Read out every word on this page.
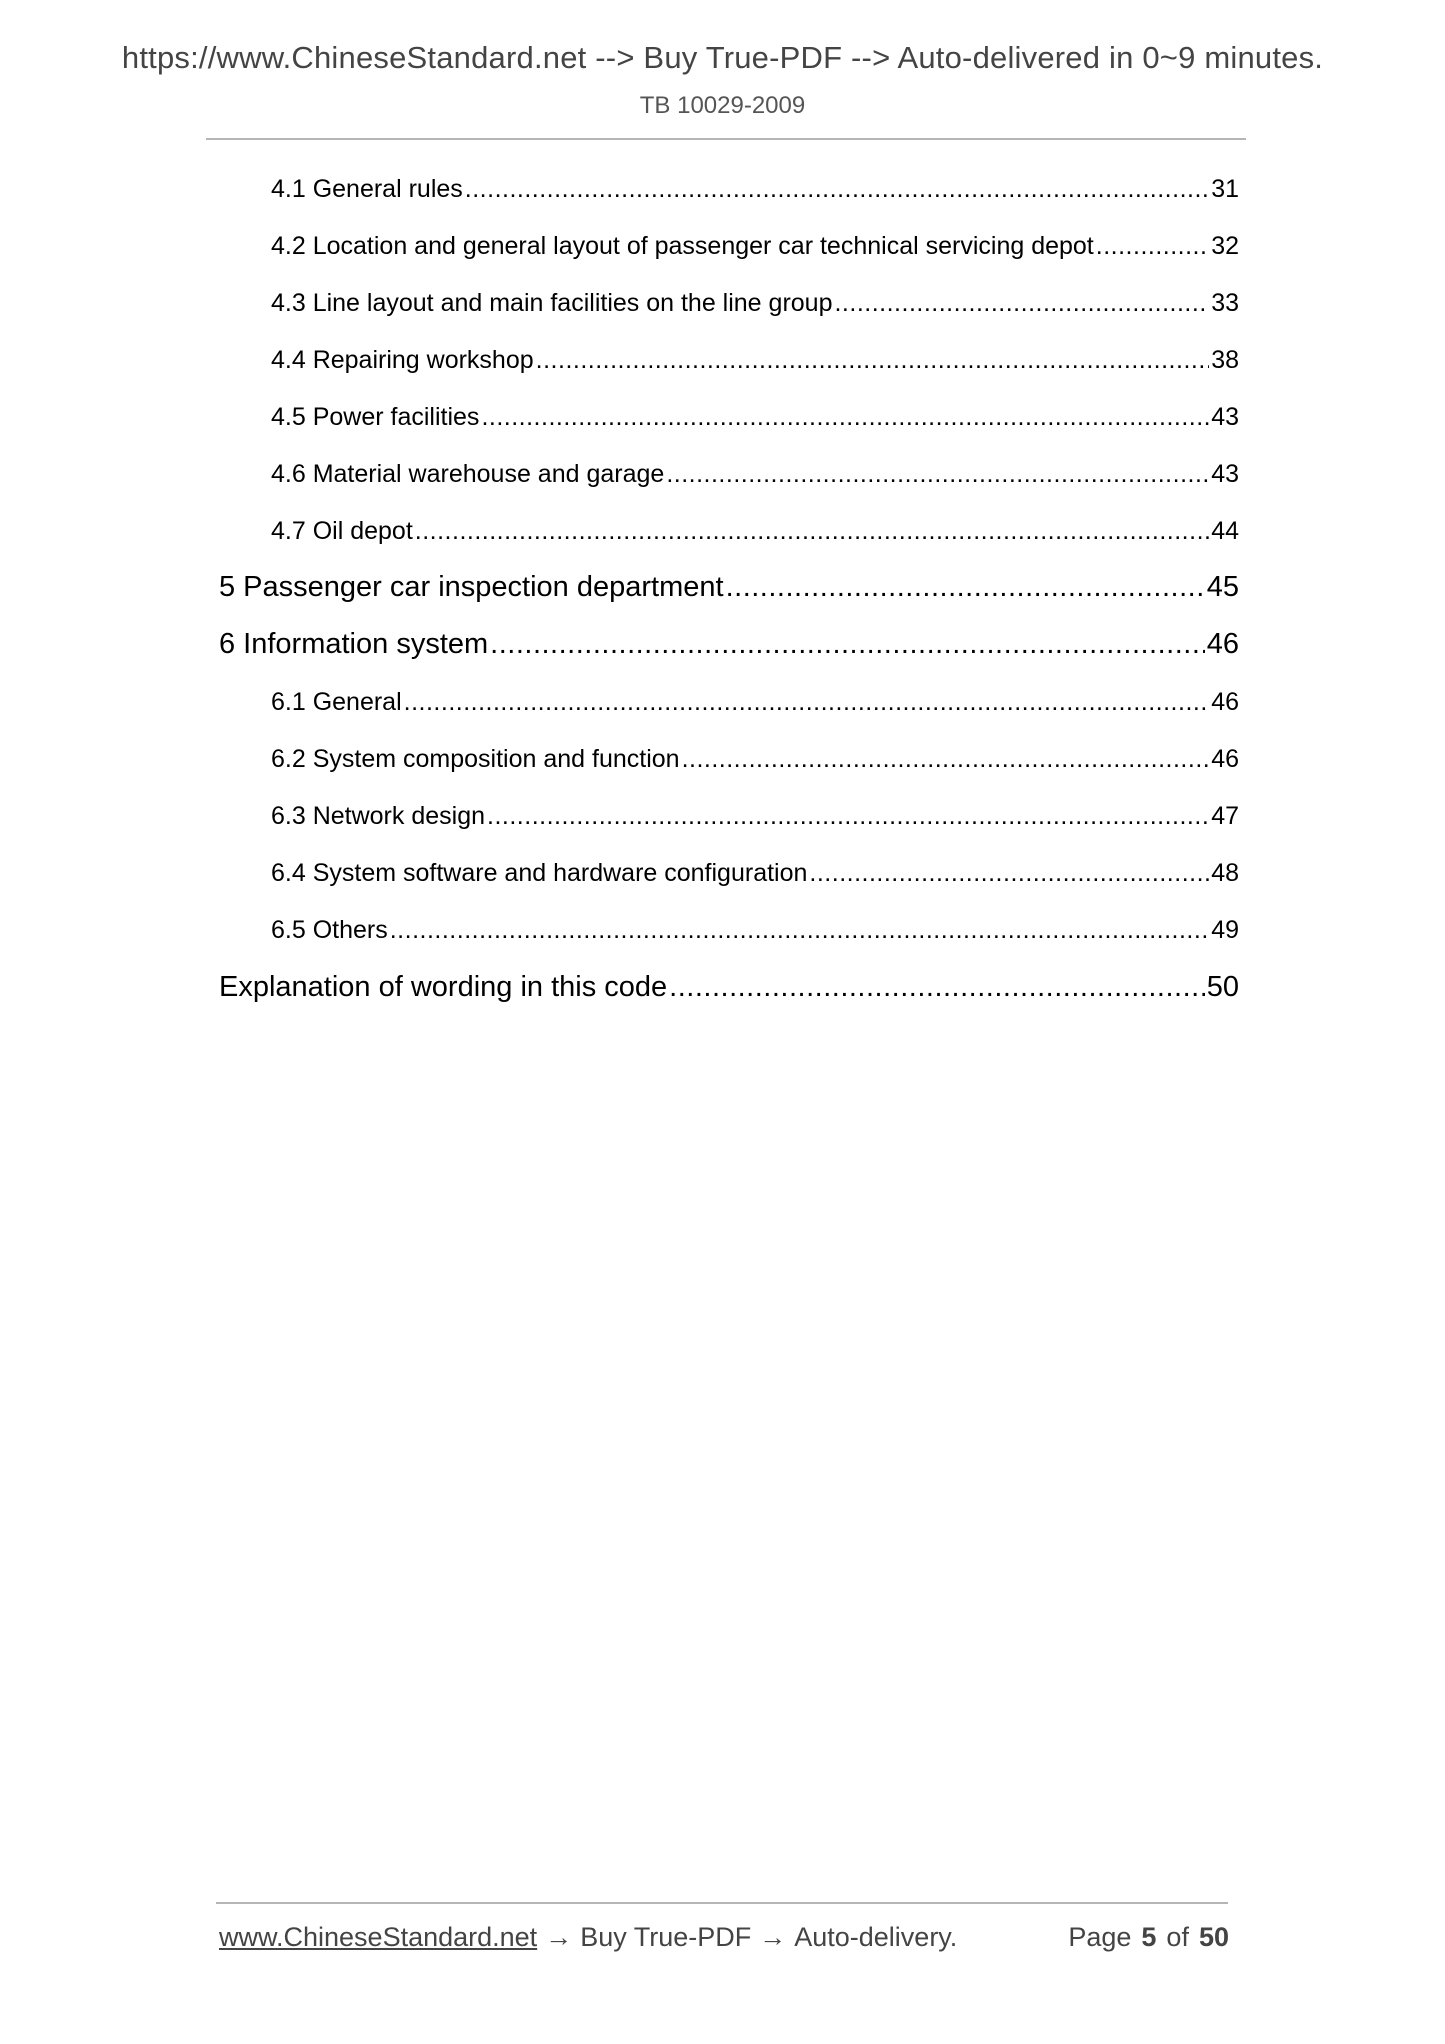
https://www.ChineseStandard.net --> Buy True-PDF --> Auto-delivered in 0~9 minutes.
TB 10029-2009
4.1 General rules .....	31
4.2 Location and general layout of passenger car technical servicing depot .....	32
4.3 Line layout and main facilities on the line group .....	33
4.4 Repairing workshop .....	38
4.5 Power facilities .....	43
4.6 Material warehouse and garage .....	43
4.7 Oil depot .....	44
5 Passenger car inspection department .....	45
6 Information system .....	46
6.1 General .....	46
6.2 System composition and function .....	46
6.3 Network design .....	47
6.4 System software and hardware configuration .....	48
6.5 Others .....	49
Explanation of wording in this code .....	50
www.ChineseStandard.net → Buy True-PDF → Auto-delivery.	Page 5 of 50
